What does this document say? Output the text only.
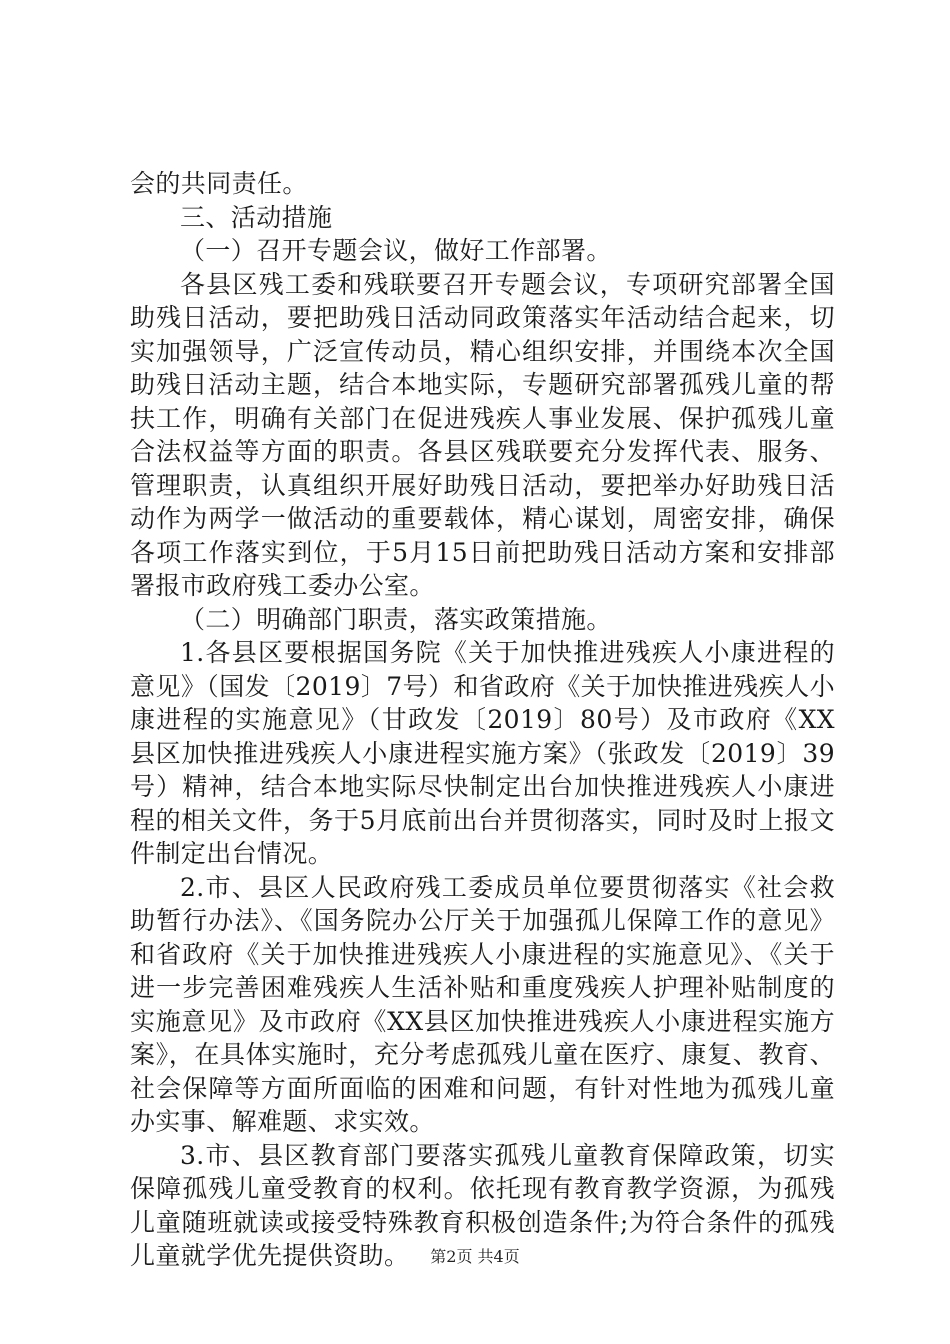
会的共同责任。

三、活动措施

（一）召开专题会议，做好工作部署。

各县区残工委和残联要召开专题会议，专项研究部署全国助残日活动，要把助残日活动同政策落实年活动结合起来，切实加强领导，广泛宣传动员，精心组织安排，并围绕本次全国助残日活动主题，结合本地实际，专题研究部署孤残儿童的帮扶工作，明确有关部门在促进残疾人事业发展、保护孤残儿童合法权益等方面的职责。各县区残联要充分发挥代表、服务、管理职责，认真组织开展好助残日活动，要把举办好助残日活动作为两学一做活动的重要载体，精心谋划，周密安排，确保各项工作落实到位，于5月15日前把助残日活动方案和安排部署报市政府残工委办公室。

（二）明确部门职责，落实政策措施。

1.各县区要根据国务院《关于加快推进残疾人小康进程的意见》（国发〔2019〕7号）和省政府《关于加快推进残疾人小康进程的实施意见》（甘政发〔2019〕80号）及市政府《XX县区加快推进残疾人小康进程实施方案》（张政发〔2019〕39号）精神，结合本地实际尽快制定出台加快推进残疾人小康进程的相关文件，务于5月底前出台并贯彻落实，同时及时上报文件制定出台情况。

2.市、县区人民政府残工委成员单位要贯彻落实《社会救助暂行办法》、《国务院办公厅关于加强孤儿保障工作的意见》和省政府《关于加快推进残疾人小康进程的实施意见》、《关于进一步完善困难残疾人生活补贴和重度残疾人护理补贴制度的实施意见》及市政府《XX县区加快推进残疾人小康进程实施方案》，在具体实施时，充分考虑孤残儿童在医疗、康复、教育、社会保障等方面所面临的困难和问题，有针对性地为孤残儿童办实事、解难题、求实效。

3.市、县区教育部门要落实孤残儿童教育保障政策，切实保障孤残儿童受教育的权利。依托现有教育教学资源，为孤残儿童随班就读或接受特殊教育积极创造条件;为符合条件的孤残儿童就学优先提供资助。	第2页 共4页
